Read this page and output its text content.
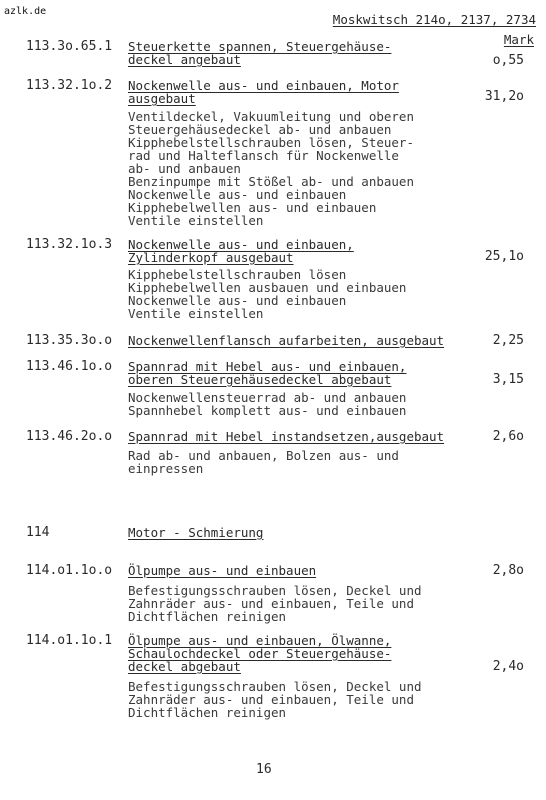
azlk.de
Moskwitsch 214o, 2137, 2734
Mark
113.3o.65.1 Steuerkette spannen, Steuergehäuse-
deckel angebaut	o,55
113.32.1o.2 Nockenwelle aus- und einbauen, Motor
ausgebaut	31,2o
Ventildeckel, Vakuumleitung und oberen
Steuergehäusedeckel ab- und anbauen
Kipphebelstellschrauben lösen, Steuer-
rad und Halteflansch für Nockenwelle
ab- und anbauen
Benzinpumpe mit Stößel ab- und anbauen
Nockenwelle aus- und einbauen
Kipphebelwellen aus- und einbauen
Ventile einstellen
113.32.1o.3 Nockenwelle aus- und einbauen,
Zylinderkopf ausgebaut	25,1o
Kipphebelstellschrauben lösen
Kipphebelwellen ausbauen und einbauen
Nockenwelle aus- und einbauen
Ventile einstellen
113.35.3o.o Nockenwellenflansch aufarbeiten, ausgebaut	2,25
113.46.1o.o Spannrad mit Hebel aus- und einbauen,
oberen Steuergehäusedeckel abgebaut	3,15
Nockenwellensteuerrad ab- und anbauen
Spannhebel komplett aus- und einbauen
113.46.2o.o Spannrad mit Hebel instandsetzen,ausgebaut	2,6o
Rad ab- und anbauen, Bolzen aus- und
einpressen
114	Motor - Schmierung
114.o1.1o.o Ölpumpe aus- und einbauen	2,8o
Befestigungsschrauben lösen, Deckel und
Zahnräder aus- und einbauen, Teile und
Dichtflächen reinigen
114.o1.1o.1 Ölpumpe aus- und einbauen, Ölwanne,
Schaulochdeckel oder Steuergehäuse-
deckel abgebaut	2,4o
Befestigungsschrauben lösen, Deckel und
Zahnräder aus- und einbauen, Teile und
Dichtflächen reinigen
16
